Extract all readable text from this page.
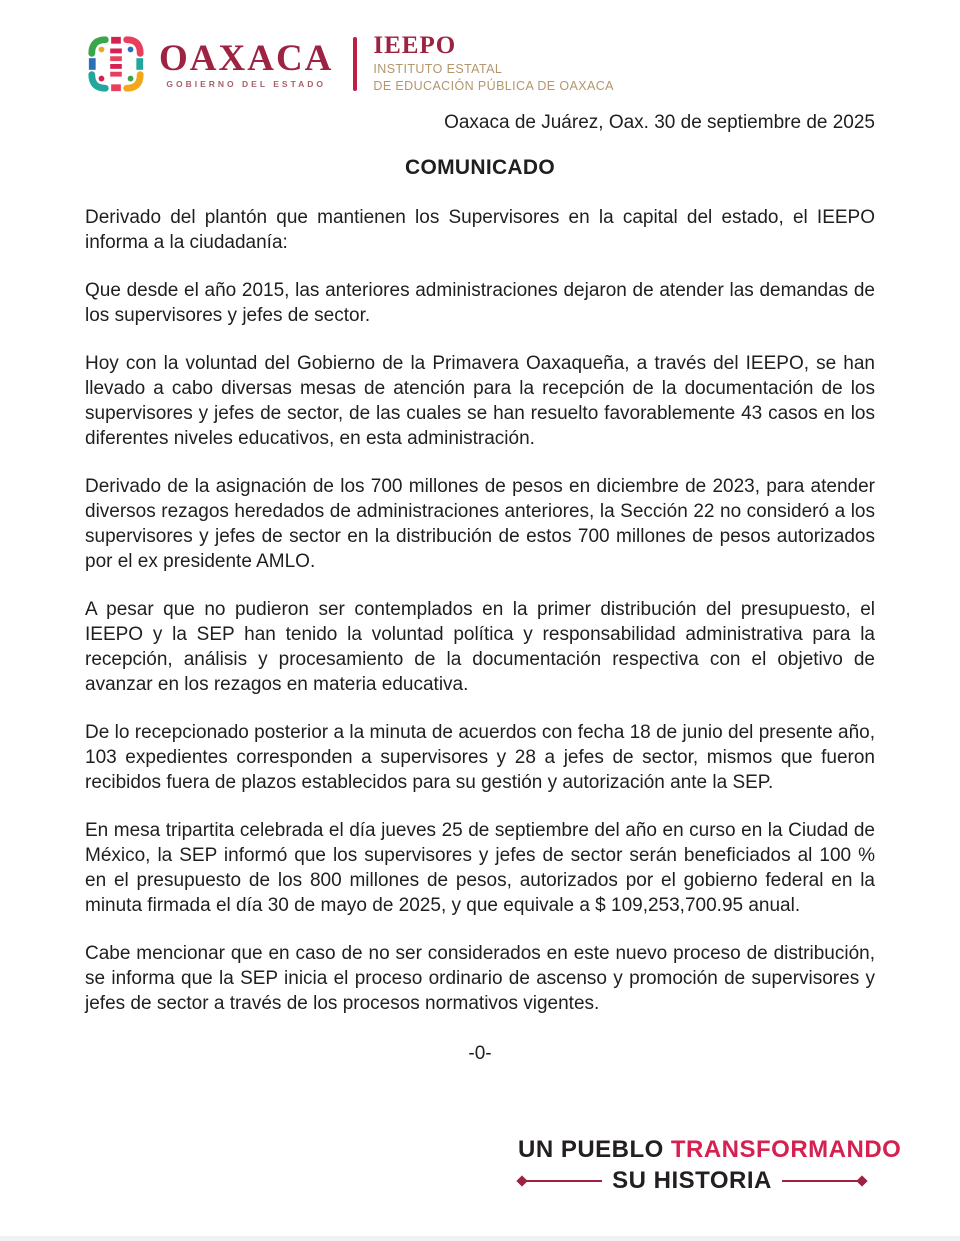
OAXACA
GOBIERNO DEL ESTADO
IEEPO
INSTITUTO ESTATAL
DE EDUCACIÓN PÚBLICA DE OAXACA
Oaxaca de Juárez, Oax. 30 de septiembre de 2025
COMUNICADO

Derivado del plantón que mantienen los Supervisores en la capital del estado, el IEEPO informa a la ciudadanía:

Que desde el año 2015, las anteriores administraciones dejaron de atender las demandas de los supervisores y jefes de sector.

Hoy con la voluntad del Gobierno de la Primavera Oaxaqueña, a través del IEEPO, se han llevado a cabo diversas mesas de atención para la recepción de la documentación de los supervisores y jefes de sector, de las cuales se han resuelto favorablemente 43 casos en los diferentes niveles educativos, en esta administración.

Derivado de la asignación de los 700 millones de pesos en diciembre de 2023, para atender diversos rezagos heredados de administraciones anteriores, la Sección 22 no consideró a los supervisores y jefes de sector en la distribución de estos 700 millones de pesos autorizados por el ex presidente AMLO.

A pesar que no pudieron ser contemplados en la primer distribución del presupuesto, el IEEPO y la SEP han tenido la voluntad política y responsabilidad administrativa para la recepción, análisis y procesamiento de la documentación respectiva con el objetivo de avanzar en los rezagos en materia educativa.

De lo recepcionado posterior a la minuta de acuerdos con fecha 18 de junio del presente año, 103 expedientes corresponden a supervisores y 28 a jefes de sector, mismos que fueron recibidos fuera de plazos establecidos para su gestión y autorización ante la SEP.

En mesa tripartita celebrada el día jueves 25 de septiembre del año en curso en la Ciudad de México, la SEP informó que los supervisores y jefes de sector serán beneficiados al 100 % en el presupuesto de los 800 millones de pesos, autorizados por el gobierno federal en la minuta firmada el día 30 de mayo de 2025, y que equivale a $ 109,253,700.95 anual.

Cabe mencionar que en caso de no ser considerados en este nuevo proceso de distribución, se informa que la SEP inicia el proceso ordinario de ascenso y promoción de supervisores y jefes de sector a través de los procesos normativos vigentes.

-0-
UN PUEBLO TRANSFORMANDO
SU HISTORIA
